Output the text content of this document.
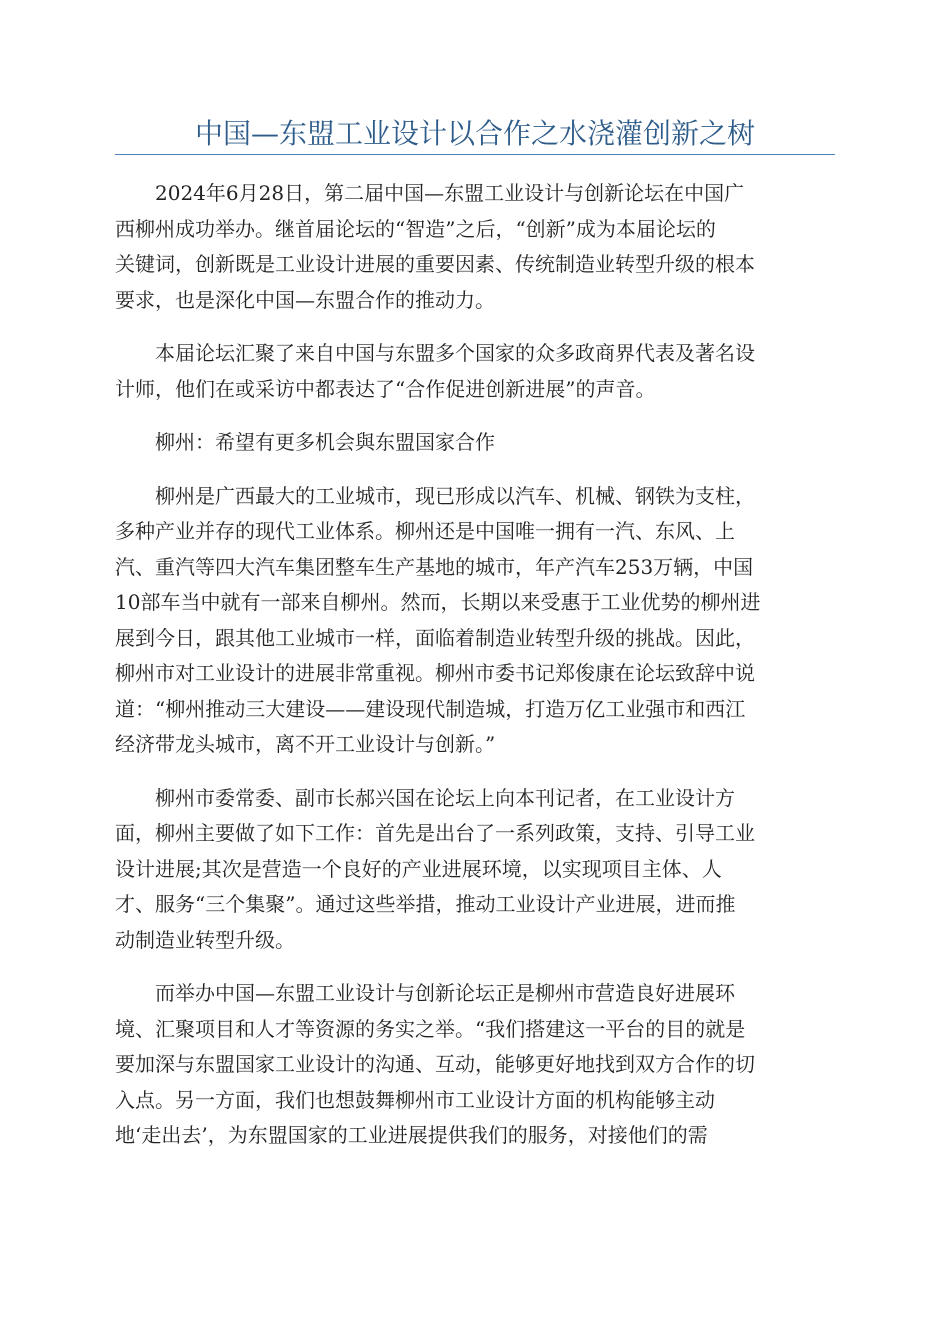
中国—东盟工业设计以合作之水浇灌创新之树

2024年6月28日，第二届中国—东盟工业设计与创新论坛在中国广
西柳州成功举办。继首届论坛的“智造”之后，“创新”成为本届论坛的
关键词，创新既是工业设计进展的重要因素、传统制造业转型升级的根本
要求，也是深化中国—东盟合作的推动力。

本届论坛汇聚了来自中国与东盟多个国家的众多政商界代表及著名设
计师，他们在或采访中都表达了“合作促进创新进展”的声音。

柳州：希望有更多机会與东盟国家合作

柳州是广西最大的工业城市，现已形成以汽车、机械、钢铁为支柱，
多种产业并存的现代工业体系。柳州还是中国唯一拥有一汽、东风、上
汽、重汽等四大汽车集团整车生产基地的城市，年产汽车253万辆，中国
10部车当中就有一部来自柳州。然而，长期以来受惠于工业优势的柳州进
展到今日，跟其他工业城市一样，面临着制造业转型升级的挑战。因此，
柳州市对工业设计的进展非常重视。柳州市委书记郑俊康在论坛致辞中说
道：“柳州推动三大建设——建设现代制造城，打造万亿工业强市和西江
经济带龙头城市，离不开工业设计与创新。”

柳州市委常委、副市长郝兴国在论坛上向本刊记者，在工业设计方
面，柳州主要做了如下工作：首先是出台了一系列政策，支持、引导工业
设计进展;其次是营造一个良好的产业进展环境，以实现项目主体、人
才、服务“三个集聚”。通过这些举措，推动工业设计产业进展，进而推
动制造业转型升级。

而举办中国—东盟工业设计与创新论坛正是柳州市营造良好进展环
境、汇聚项目和人才等资源的务实之举。“我们搭建这一平台的目的就是
要加深与东盟国家工业设计的沟通、互动，能够更好地找到双方合作的切
入点。另一方面，我们也想鼓舞柳州市工业设计方面的机构能够主动
地‘走出去’，为东盟国家的工业进展提供我们的服务，对接他们的需
